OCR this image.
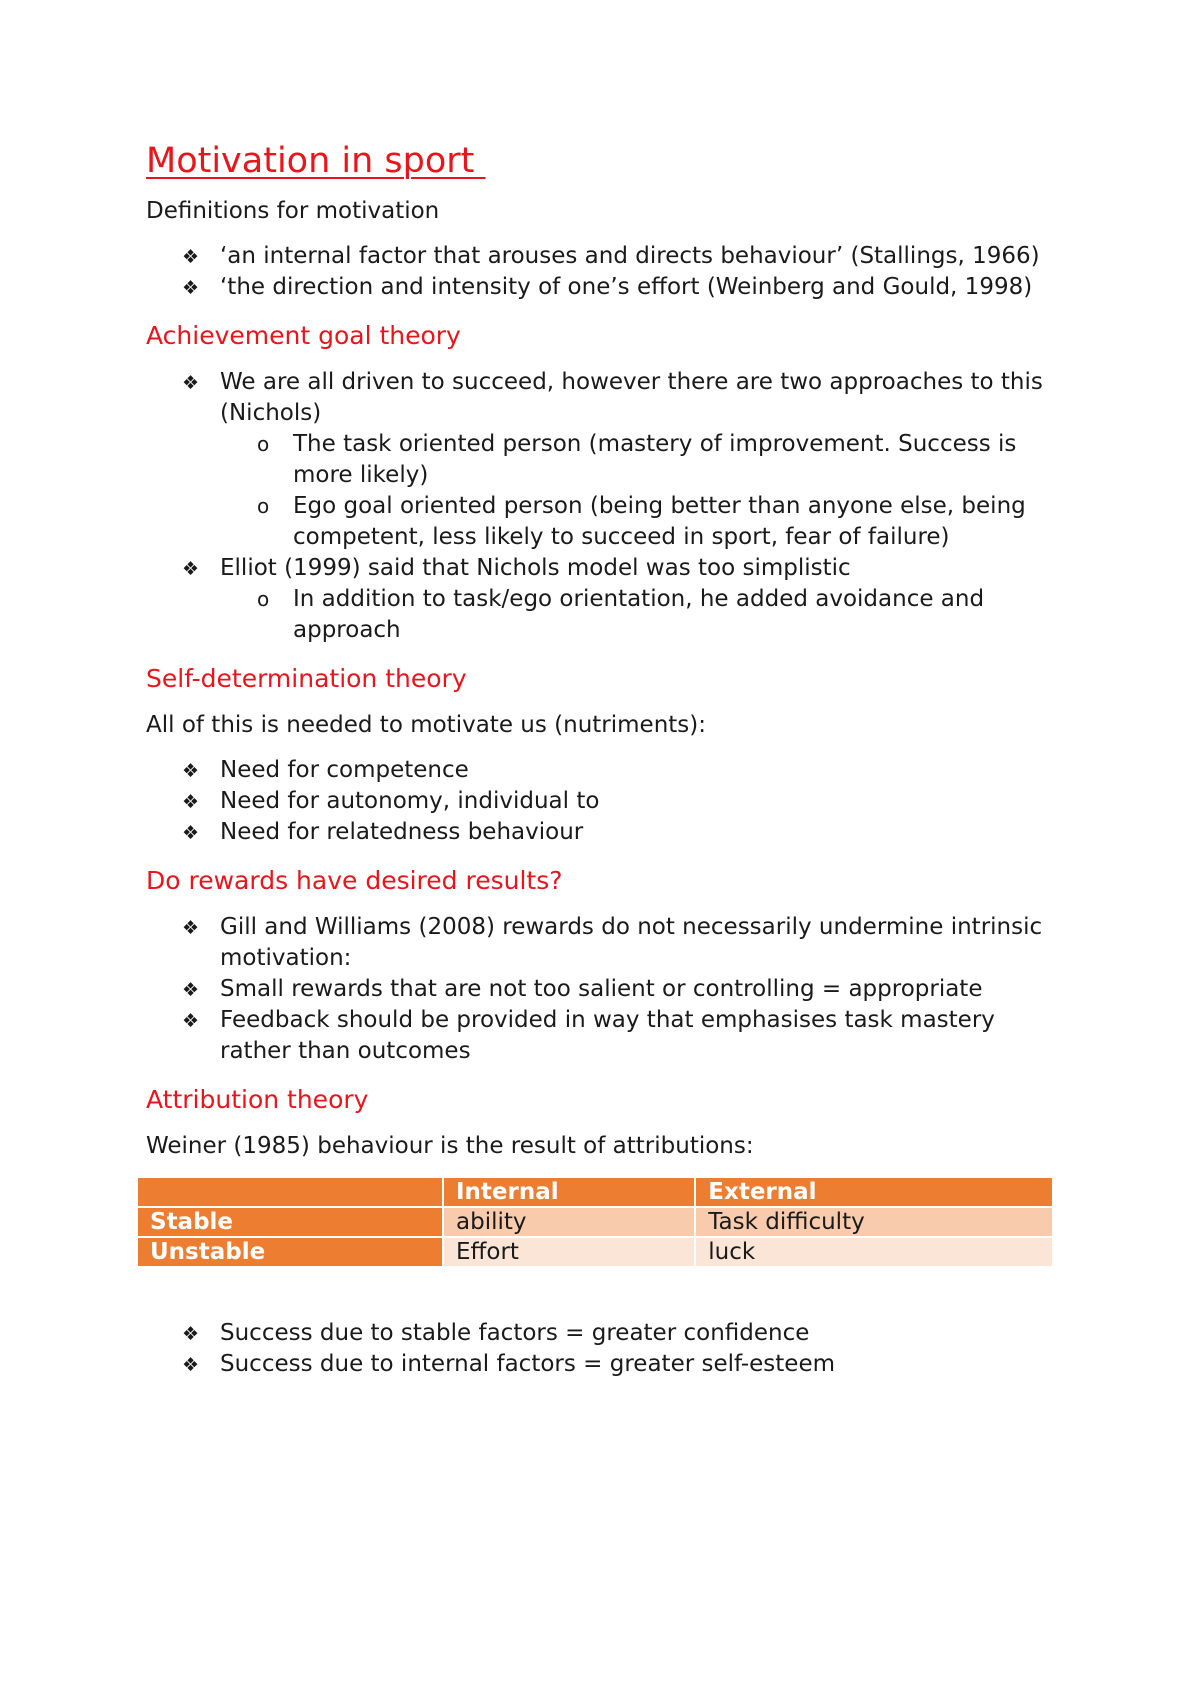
Motivation in sport

Definitions for motivation

❖ ‘an internal factor that arouses and directs behaviour’ (Stallings, 1966)
❖ ‘the direction and intensity of one’s effort (Weinberg and Gould, 1998)
Achievement goal theory
❖ We are all driven to succeed, however there are two approaches to this (Nichols)
o The task oriented person (mastery of improvement. Success is more likely)
o Ego goal oriented person (being better than anyone else, being competent, less likely to succeed in sport, fear of failure)
❖ Elliot (1999) said that Nichols model was too simplistic
o In addition to task/ego orientation, he added avoidance and approach
Self-determination theory

All of this is needed to motivate us (nutriments):

❖ Need for competence
❖ Need for autonomy, individual to
❖ Need for relatedness behaviour
Do rewards have desired results?
❖ Gill and Williams (2008) rewards do not necessarily undermine intrinsic motivation:
❖ Small rewards that are not too salient or controlling = appropriate
❖ Feedback should be provided in way that emphasises task mastery rather than outcomes
Attribution theory

Weiner (1985) behaviour is the result of attributions:

	Internal	External
Stable	ability	Task difficulty
Unstable	Effort	luck
❖ Success due to stable factors = greater confidence
❖ Success due to internal factors = greater self-esteem
